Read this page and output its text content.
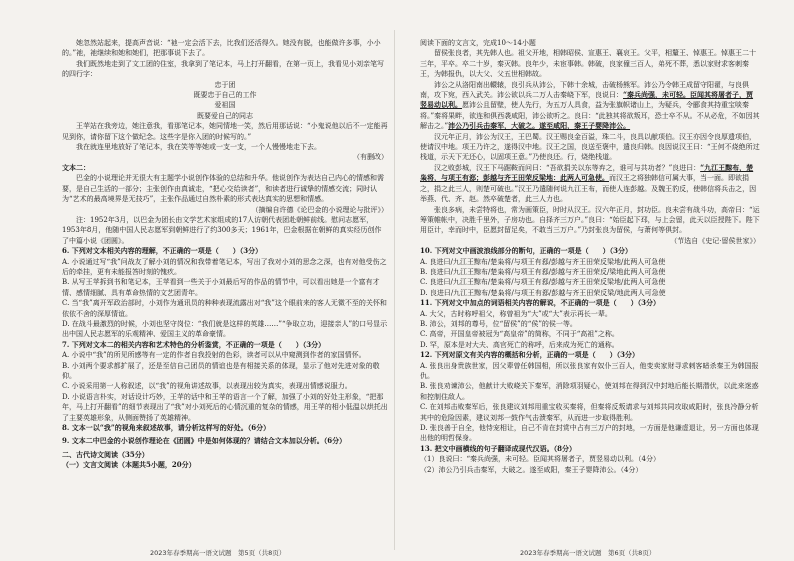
她忽然站起来，提高声音说：“祂一定会活下去，比我们还活得久。她没有脱，也能做许多事，小小的。”祂，祂继续和她和她们，把那事说下去了。

我们既然地走到了文工团的住室，我拿到了笔记本，马上打开翻看，在第一页上，我看见小刘亲笔写的四行字：

忠于团

既要忠于自己的工作

爱祖国

既要爱自己的同志

王苹站在我旁边，她注意我，看那笔记本，她同情地一笑，然后用那话说：“小鬼说他以后不一定能再见到你，请你留下这个做纪念。这些字是你入团的时候写的。”

我在就连里地放好了笔记本，我在笑等等她或一支一支，一个人慢慢地走下去。

（有删改）

文本二：

巴金的小说理论并无很大有主题学小说创作体验的总结和升华。他说创作为表达自己内心的情感和需要，是自己生活的一部分；主张创作由真诚走，“把心交给读者”，和读者进行诚挚的情感交流；同时认为“艺术的最高境界是无技巧”，主张作品通过自然朴素的形式表达真实的思想和情感。

（摘编自许德《论巴金的小说理论与批评》）

注：1952年3月，以巴金为团长由文学艺术家组成的17人访朝代表团赴朝鲜前线。慰问志愿军，1953年8月，他随中国人民志愿军到朝鲜进行了约300多天；1961年，巴金根据在朝鲜的真实经历创作了中篇小说《团圆》。

6. 下列对文本相关内容的理解，不正确的一项是（　　）（3分）

A. 小说通过写“我”问战友了解小刘的情况和我带着笔记本，写出了我对小刘的思念之深，也有对他受伤之后的牵挂，更有未能报答时刻的愧疚。

B. 从写王苹拆到书和笔记本，王苹看到一些关于小刘最后写的作品的情节中，可以看出她是一个富有才情、感情细腻、具有革命热情的文艺团青年。

C. 当“我”离开军政治部时，小刘作为通讯员的种种表现流露出对“我”这个眼前来的客人无微不至的关怀和依依不舍的深厚情谊。

D. 在战斗最激烈的时候，小刘也坚守岗位：“我们就是这样的英雄……”“争取立功，迎接亲人”的口号显示出中国人民志愿军的乐观精神、爱国主义的革命豪情。

7. 下列对文本二的相关内容和艺术特色的分析鉴赏，不正确的一项是（　　）（3分）

A. 小说中“我”的所见所感等有一定的作者自我投射的色彩，读者可以从中窥测到作者的家国情怀。

B. 小刘两个要求都扩展了，还是至信自己团员的情谊也是有相接关系的体现，显示了他对先进对象的敬仰。

C. 小说采用第一人称叙述，以“我”的视角讲述故事，以表现出较为真实，表现出情感说服力。

D. 小说语言朴实，对话设计巧妙，王苹的话中和王苹的语言一个了解，加强了小刘的好处主形象，“把那年，马上打开翻看”的细节表现出了“我”对小刘死后的心情沉重的复杂的情感，用王苹的相小低温以烘托出了主要英雄形象，从侧面赞扬了英雄精神。

8. 文本一以“我”的视角来叙述故事，请分析这样写的好处。（6分）

9. 文本二中巴金的小说创作理论在《团圆》中是如何体现的？请结合文本加以分析。（6分）

二、古代诗文阅读（35分）

（一）文言文阅读（本题共5小题，20分）

阅读下面的文言文，完成10～14小题

留侯张良者，其先韩人也。祖父开地，相韩昭侯、宣惠王、襄哀王。父平，相釐王、悼惠王。悼惠王二十三年，平卒。卒二十岁，秦灭韩。良年少，未宦事韩。韩破，良家僮三百人，弟死不葬，悉以家财求客刺秦王，为韩报仇，以大父、父五世相韩故。

沛公之从洛阳南出轘辕，良引兵从沛公，下韩十余城，击破杨熊军。沛公乃令韩王成留守阳翟，与良俱南，攻下宛，西入武关。沛公欲以兵二万人击秦峣下军，良说曰：“秦兵尚强，未可轻。臣闻其将屠者子，贾竖易动以利。愿沛公且留壁，使人先行，为五万人具食，益为张旗帜诸山上，为疑兵，令郦食其持重宝啖秦将。”秦将果畔，欲连和俱西袭咸阳，沛公欲听之。良曰：“此独其将欲叛耳，恐士卒不从。不从必危，不如因其解击之。”沛公乃引兵击秦军，大破之。遂至咸阳，秦王子婴降沛公。

汉元年正月，沛公为汉王，王巴蜀。汉王赐良金百溢，珠二斗，良具以献项伯。汉王亦因令良厚遗项伯，使请汉中地。项王乃许之，遂得汉中地。汉王之国，良送至褒中，遣良归韩。良因说汉王曰：“王何不烧绝所过栈道，示天下无还心，以固项王意。”乃使良还。行，烧绝栈道。

汉之败彭城，汉王下马踞鞍而问曰：“吾欲捐关以东等弃之，谁可与共功者？”良进曰：“九江王黥布，楚枭将，与项王有郄；彭越与齐王田荣反梁地：此两人可急使。而汉王之将独韩信可属大事，当一面。即欲捐之，捐之此三人，则楚可破也。”汉王乃遣随何说九江王布，而使人连彭越。及魏王豹反，使韩信将兵击之，因举燕、代、齐、赵。然卒破楚者，此三人力也。

张良多病，未尝特将也，常为画策臣，时时从汉王。汉六年正月，封功臣。良未尝有战斗功，高帝曰：“运筹策帷帐中，决胜千里外，子房功也。自择齐三万户。”良曰：“始臣起下邳，与上会留，此天以臣授陛下。陛下用臣计，幸而时中，臣愿封留足矣，不敢当三万户。”乃封张良为留侯，与萧何等俱封。

（节选自《史记·留侯世家》）

10. 下列对文中画波浪线部分的断句，正确的一项是（　　）（3分）

A. 良进曰/九江王黥布/楚枭将/与项王有郄/彭越与齐王田荣反梁地/此两人可急使

B. 良进曰/九江王黥布/楚枭将/与项王有郄/彭越与齐王田荣反/梁地此两人可急使

C. 良进曰/九江王黥布/楚枭将/与项王有郄/彭越与齐王田荣反梁地/此两人可急使

D. 良进曰/九江王黥布/楚枭将/与项王有郄/彭越与齐王田荣反梁/地此两人可急使

11. 下列对文中加点的词语相关内容的解说，不正确的一项是（　　）（3分）

A. 大父，古时称呼祖父，称曾祖为“大”或“大”表示再长一辈。

B. 沛公，刘邦的尊号，位“留侯”的“侯”的侯一等。

C. 高帝，开国皇帝被冠为“高皇帝”的简称，不同于“高祖”之称。

D. 罕，原本是对大夫、高官死亡的称呼，后来成为死亡的通称。

12. 下列对原文有关内容的概括和分析，正确的一项是（　　）（3分）

A. 张良出身贵族世家，因父辈曾任韩国相，所以张良家有奴仆三百人，他变卖家财寻求刺客暗杀秦王为韩国报仇。

B. 张良劝谏沛公，他献计大败峣关下秦军，消除项羽疑心，使刘邦在得到汉中封地后能长期潜伏，以此来迷惑和控制住敌人。

C. 在刘邦击败秦军后，张良建议刘邦用重宝收买秦将，但秦将反叛请求与刘邦共同攻取咸阳时，张良冷静分析其中的危险因素，建议刘邦一鼓作气击溃秦军，从而进一步取得胜利。

D. 张良善于自全，他恃宠相让，自己不肯在封赏中占有三万户的封地，一方面是他谦虚退让，另一方面也体现出他的明哲保身。

13. 把文中画横线的句子翻译成现代汉语。（8分）

（1）良说曰：“秦兵尚强，未可轻。臣闻其将屠者子，贾竖易动以利。（4分）

（2）沛公乃引兵击秦军，大破之。遂至咸阳，秦王子婴降沛公。（4分）

2023年春季期高一语文试题　第5页（共8页）	2023年春季期高一语文试题　第6页（共8页）
